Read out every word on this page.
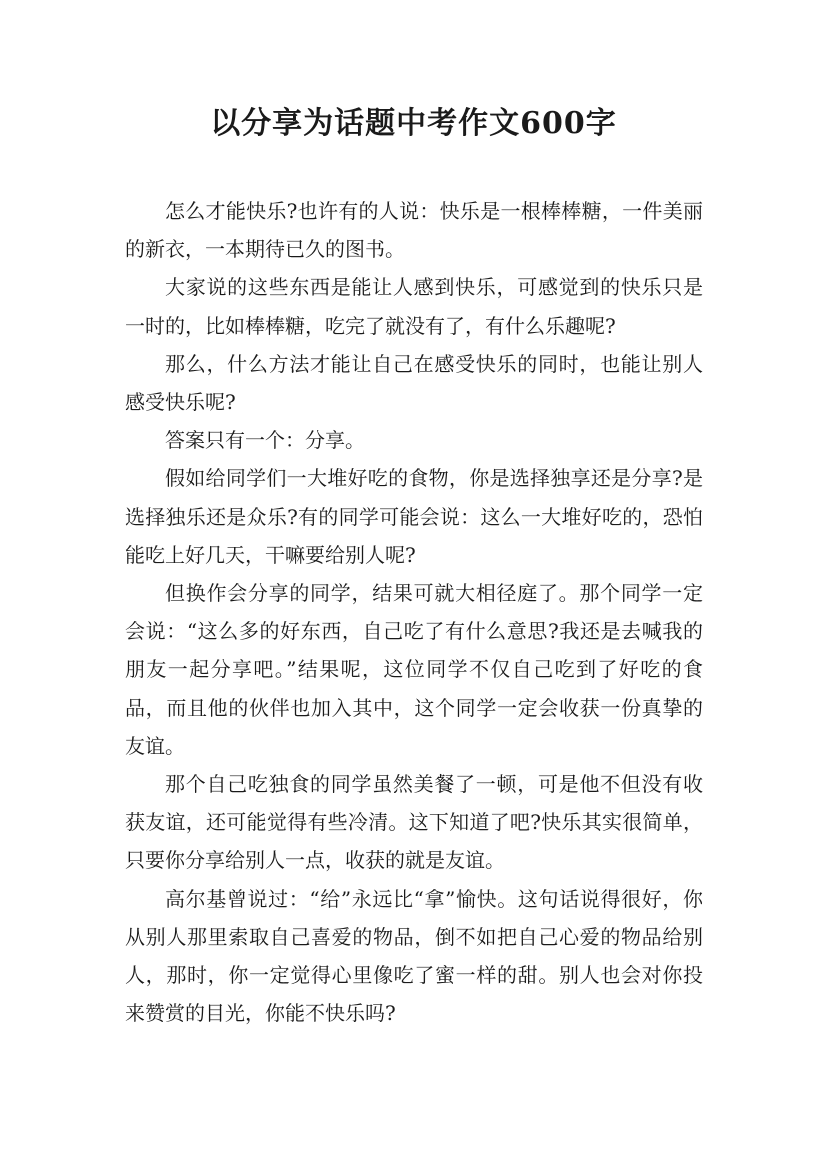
以分享为话题中考作文600字

怎么才能快乐?也许有的人说：快乐是一根棒棒糖，一件美丽的新衣，一本期待已久的图书。

大家说的这些东西是能让人感到快乐，可感觉到的快乐只是一时的，比如棒棒糖，吃完了就没有了，有什么乐趣呢?

那么，什么方法才能让自己在感受快乐的同时，也能让别人感受快乐呢?

答案只有一个：分享。

假如给同学们一大堆好吃的食物，你是选择独享还是分享?是选择独乐还是众乐?有的同学可能会说：这么一大堆好吃的，恐怕能吃上好几天，干嘛要给别人呢?

但换作会分享的同学，结果可就大相径庭了。那个同学一定会说：“这么多的好东西，自己吃了有什么意思?我还是去喊我的朋友一起分享吧。”结果呢，这位同学不仅自己吃到了好吃的食品，而且他的伙伴也加入其中，这个同学一定会收获一份真挚的友谊。

那个自己吃独食的同学虽然美餐了一顿，可是他不但没有收获友谊，还可能觉得有些冷清。这下知道了吧?快乐其实很简单，只要你分享给别人一点，收获的就是友谊。

高尔基曾说过：“给”永远比“拿”愉快。这句话说得很好，你从别人那里索取自己喜爱的物品，倒不如把自己心爱的物品给别人，那时，你一定觉得心里像吃了蜜一样的甜。别人也会对你投来赞赏的目光，你能不快乐吗?
